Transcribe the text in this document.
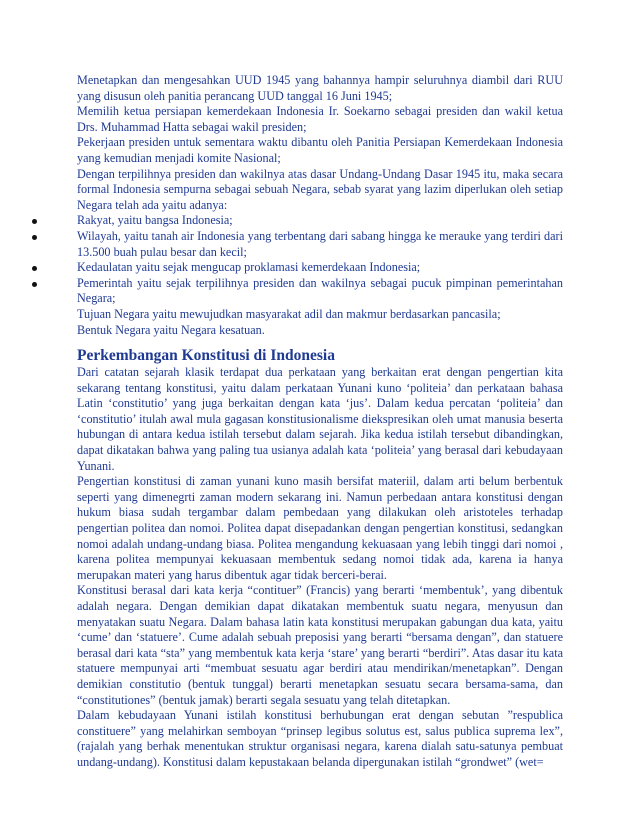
Menetapkan dan mengesahkan UUD 1945 yang bahannya hampir seluruhnya diambil dari RUU yang disusun oleh panitia perancang UUD tanggal 16 Juni 1945;

Memilih ketua persiapan kemerdekaan Indonesia Ir. Soekarno sebagai presiden dan wakil ketua Drs. Muhammad Hatta sebagai wakil presiden;

Pekerjaan presiden untuk sementara waktu dibantu oleh Panitia Persiapan Kemerdekaan Indonesia yang kemudian menjadi komite Nasional;

Dengan terpilihnya presiden dan wakilnya atas dasar Undang-Undang Dasar 1945 itu, maka secara formal Indonesia sempurna sebagai sebuah Negara, sebab syarat yang lazim diperlukan oleh setiap Negara telah ada yaitu adanya:

Rakyat, yaitu bangsa Indonesia;
Wilayah, yaitu tanah air Indonesia yang terbentang dari sabang hingga ke merauke yang terdiri dari 13.500 buah pulau besar dan kecil;
Kedaulatan yaitu sejak mengucap proklamasi kemerdekaan Indonesia;
Pemerintah yaitu sejak terpilihnya presiden dan wakilnya sebagai pucuk pimpinan pemerintahan Negara;

Tujuan Negara yaitu mewujudkan masyarakat adil dan makmur berdasarkan pancasila;

Bentuk Negara yaitu Negara kesatuan.

Perkembangan Konstitusi di Indonesia

Dari catatan sejarah klasik terdapat dua perkataan yang berkaitan erat dengan pengertian kita sekarang tentang konstitusi, yaitu dalam perkataan Yunani kuno ‘politeia’ dan perkataan bahasa Latin ‘constitutio’ yang juga berkaitan dengan kata ‘jus’. Dalam kedua percatan ‘politeia’ dan ‘constitutio’ itulah awal mula gagasan konstitusionalisme diekspresikan oleh umat manusia beserta hubungan di antara kedua istilah tersebut dalam sejarah. Jika kedua istilah tersebut dibandingkan, dapat dikatakan bahwa yang paling tua usianya adalah kata ‘politeia’ yang berasal dari kebudayaan Yunani.

Pengertian konstitusi di zaman yunani kuno masih bersifat materiil, dalam arti belum berbentuk seperti yang dimenegrti zaman modern sekarang ini. Namun perbedaan antara konstitusi dengan hukum biasa sudah tergambar dalam pembedaan yang dilakukan oleh aristoteles terhadap pengertian politea dan nomoi. Politea dapat disepadankan dengan pengertian konstitusi, sedangkan nomoi adalah undang-undang biasa. Politea mengandung kekuasaan yang lebih tinggi dari nomoi , karena politea mempunyai kekuasaan membentuk sedang nomoi tidak ada, karena ia hanya merupakan materi yang harus dibentuk agar tidak berceri-berai.

Konstitusi berasal dari kata kerja “contituer” (Francis) yang berarti ‘membentuk’, yang dibentuk adalah negara. Dengan demikian dapat dikatakan membentuk suatu negara, menyusun dan menyatakan suatu Negara. Dalam bahasa latin kata konstitusi merupakan gabungan dua kata, yaitu ‘cume’ dan ‘statuere’. Cume adalah sebuah preposisi yang berarti “bersama dengan”, dan statuere berasal dari kata “sta” yang membentuk kata kerja ‘stare’ yang berarti “berdiri”. Atas dasar itu kata statuere mempunyai arti “membuat sesuatu agar berdiri atau mendirikan/menetapkan”. Dengan demikian constitutio (bentuk tunggal) berarti menetapkan sesuatu secara bersama-sama, dan “constitutiones” (bentuk jamak) berarti segala sesuatu yang telah ditetapkan.

Dalam kebudayaan Yunani istilah konstitusi berhubungan erat dengan sebutan ”respublica constituere” yang melahirkan semboyan “prinsep legibus solutus est, salus publica suprema lex”, (rajalah yang berhak menentukan struktur organisasi negara, karena dialah satu-satunya pembuat undang-undang). Konstitusi dalam kepustakaan belanda dipergunakan istilah “grondwet” (wet=
